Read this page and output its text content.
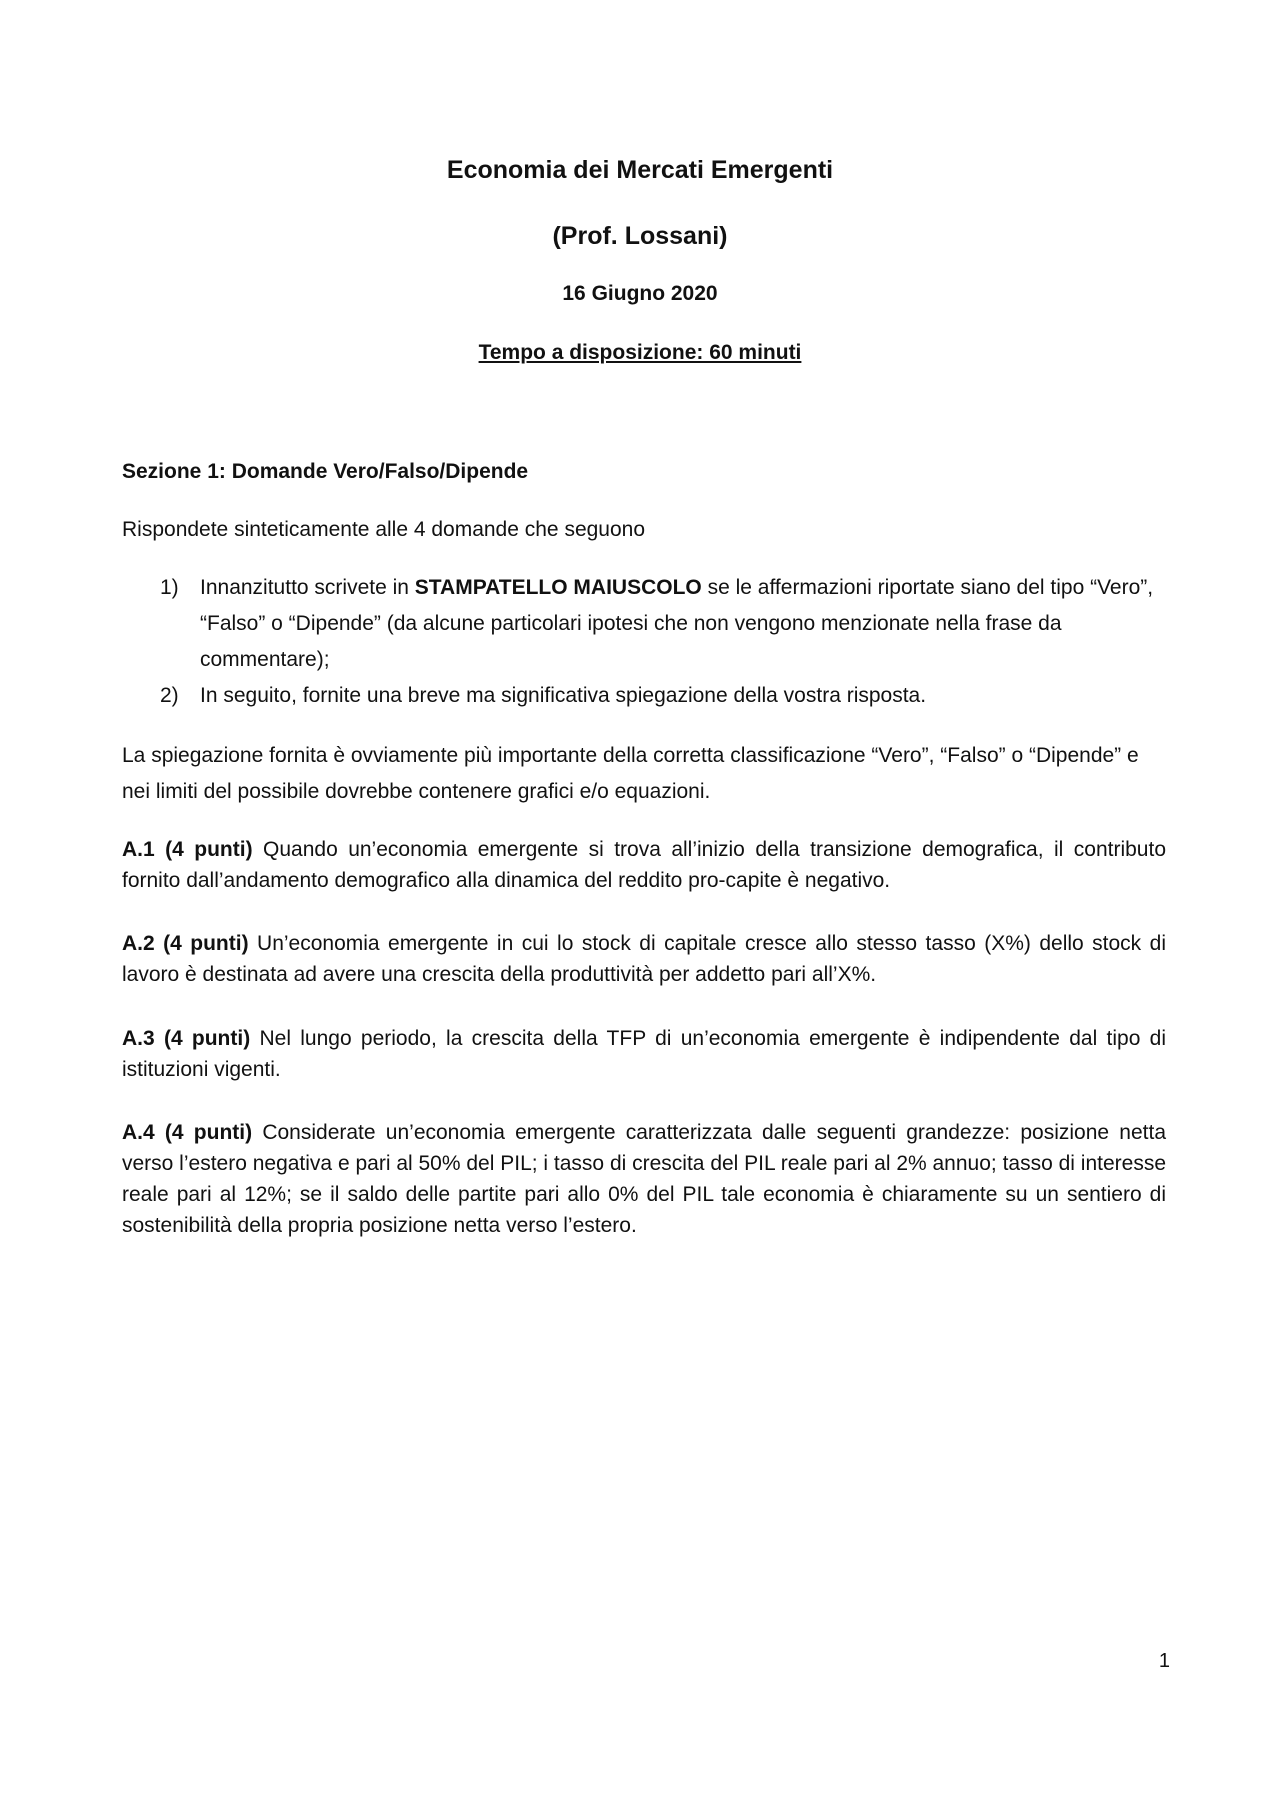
Economia dei Mercati Emergenti
(Prof. Lossani)
16 Giugno 2020
Tempo a disposizione: 60 minuti
Sezione 1: Domande Vero/Falso/Dipende
Rispondete sinteticamente alle 4 domande che seguono
1)	Innanzitutto scrivete in STAMPATELLO MAIUSCOLO se le affermazioni riportate siano del tipo “Vero”, “Falso” o “Dipende” (da alcune particolari ipotesi che non vengono menzionate nella frase da commentare);
2)	In seguito, fornite una breve ma significativa spiegazione della vostra risposta.
La spiegazione fornita è ovviamente più importante della corretta classificazione “Vero”, “Falso” o “Dipende” e nei limiti del possibile dovrebbe contenere grafici e/o equazioni.
A.1 (4 punti) Quando un’economia emergente si trova all’inizio della transizione demografica, il contributo fornito dall’andamento demografico alla dinamica del reddito pro-capite è negativo.
A.2 (4 punti) Un’economia emergente in cui lo stock di capitale cresce allo stesso tasso (X%) dello stock di lavoro è destinata ad avere una crescita della produttività per addetto pari all’X%.
A.3 (4 punti) Nel lungo periodo, la crescita della TFP di un’economia emergente è indipendente dal tipo di istituzioni vigenti.
A.4 (4 punti) Considerate un’economia emergente caratterizzata dalle seguenti grandezze: posizione netta verso l’estero negativa e pari al 50% del PIL; i tasso di crescita del PIL reale pari al 2% annuo; tasso di interesse reale pari al 12%; se il saldo delle partite pari allo 0% del PIL tale economia è chiaramente su un sentiero di sostenibilità della propria posizione netta verso l’estero.
1
